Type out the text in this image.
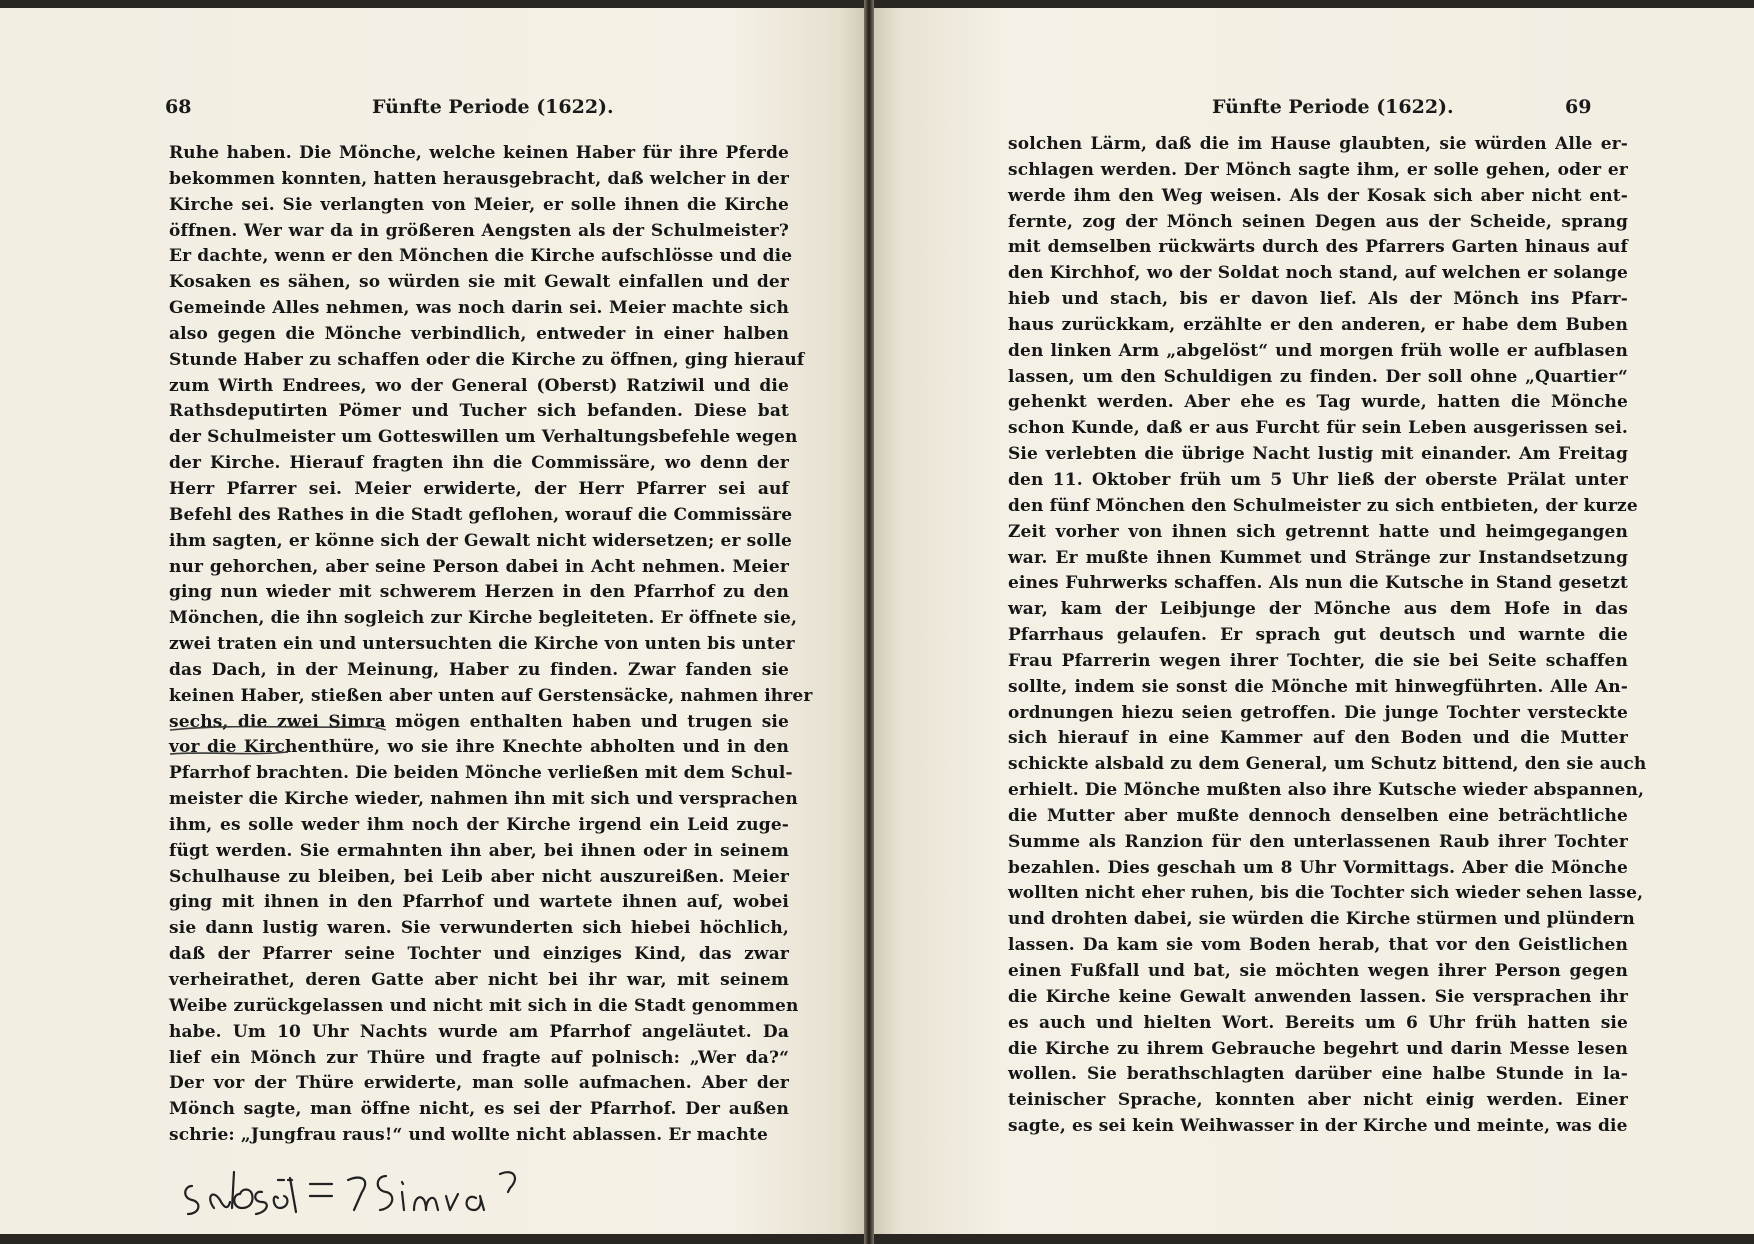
68	Fünfte Periode (1622).
Ruhe haben. Die Mönche, welche keinen Haber für ihre Pferde
bekommen konnten, hatten herausgebracht, daß welcher in der
Kirche sei. Sie verlangten von Meier, er solle ihnen die Kirche
öffnen. Wer war da in größeren Aengsten als der Schulmeister?
Er dachte, wenn er den Mönchen die Kirche aufschlösse und die
Kosaken es sähen, so würden sie mit Gewalt einfallen und der
Gemeinde Alles nehmen, was noch darin sei. Meier machte sich
also gegen die Mönche verbindlich, entweder in einer halben
Stunde Haber zu schaffen oder die Kirche zu öffnen, ging hierauf
zum Wirth Endrees, wo der General (Oberst) Ratziwil und die
Rathsdeputirten Pömer und Tucher sich befanden. Diese bat
der Schulmeister um Gotteswillen um Verhaltungsbefehle wegen
der Kirche. Hierauf fragten ihn die Commissäre, wo denn der
Herr Pfarrer sei. Meier erwiderte, der Herr Pfarrer sei auf
Befehl des Rathes in die Stadt geflohen, worauf die Commissäre
ihm sagten, er könne sich der Gewalt nicht widersetzen; er solle
nur gehorchen, aber seine Person dabei in Acht nehmen. Meier
ging nun wieder mit schwerem Herzen in den Pfarrhof zu den
Mönchen, die ihn sogleich zur Kirche begleiteten. Er öffnete sie,
zwei traten ein und untersuchten die Kirche von unten bis unter
das Dach, in der Meinung, Haber zu finden. Zwar fanden sie
keinen Haber, stießen aber unten auf Gerstensäcke, nahmen ihrer
sechs, die zwei Simra mögen enthalten haben und trugen sie
vor die Kirchenthüre, wo sie ihre Knechte abholten und in den
Pfarrhof brachten. Die beiden Mönche verließen mit dem Schul-
meister die Kirche wieder, nahmen ihn mit sich und versprachen
ihm, es solle weder ihm noch der Kirche irgend ein Leid zuge-
fügt werden. Sie ermahnten ihn aber, bei ihnen oder in seinem
Schulhause zu bleiben, bei Leib aber nicht auszureißen. Meier
ging mit ihnen in den Pfarrhof und wartete ihnen auf, wobei
sie dann lustig waren. Sie verwunderten sich hiebei höchlich,
daß der Pfarrer seine Tochter und einziges Kind, das zwar
verheirathet, deren Gatte aber nicht bei ihr war, mit seinem
Weibe zurückgelassen und nicht mit sich in die Stadt genommen
habe. Um 10 Uhr Nachts wurde am Pfarrhof angeläutet. Da
lief ein Mönch zur Thüre und fragte auf polnisch: „Wer da?“
Der vor der Thüre erwiderte, man solle aufmachen. Aber der
Mönch sagte, man öffne nicht, es sei der Pfarrhof. Der außen
schrie: „Jungfrau raus!“ und wollte nicht ablassen. Er machte
Fünfte Periode (1622).	69
solchen Lärm, daß die im Hause glaubten, sie würden Alle er-
schlagen werden. Der Mönch sagte ihm, er solle gehen, oder er
werde ihm den Weg weisen. Als der Kosak sich aber nicht ent-
fernte, zog der Mönch seinen Degen aus der Scheide, sprang
mit demselben rückwärts durch des Pfarrers Garten hinaus auf
den Kirchhof, wo der Soldat noch stand, auf welchen er solange
hieb und stach, bis er davon lief. Als der Mönch ins Pfarr-
haus zurückkam, erzählte er den anderen, er habe dem Buben
den linken Arm „abgelöst“ und morgen früh wolle er aufblasen
lassen, um den Schuldigen zu finden. Der soll ohne „Quartier“
gehenkt werden. Aber ehe es Tag wurde, hatten die Mönche
schon Kunde, daß er aus Furcht für sein Leben ausgerissen sei.
Sie verlebten die übrige Nacht lustig mit einander. Am Freitag
den 11. Oktober früh um 5 Uhr ließ der oberste Prälat unter
den fünf Mönchen den Schulmeister zu sich entbieten, der kurze
Zeit vorher von ihnen sich getrennt hatte und heimgegangen
war. Er mußte ihnen Kummet und Stränge zur Instandsetzung
eines Fuhrwerks schaffen. Als nun die Kutsche in Stand gesetzt
war, kam der Leibjunge der Mönche aus dem Hofe in das
Pfarrhaus gelaufen. Er sprach gut deutsch und warnte die
Frau Pfarrerin wegen ihrer Tochter, die sie bei Seite schaffen
sollte, indem sie sonst die Mönche mit hinwegführten. Alle An-
ordnungen hiezu seien getroffen. Die junge Tochter versteckte
sich hierauf in eine Kammer auf den Boden und die Mutter
schickte alsbald zu dem General, um Schutz bittend, den sie auch
erhielt. Die Mönche mußten also ihre Kutsche wieder abspannen,
die Mutter aber mußte dennoch denselben eine beträchtliche
Summe als Ranzion für den unterlassenen Raub ihrer Tochter
bezahlen. Dies geschah um 8 Uhr Vormittags. Aber die Mönche
wollten nicht eher ruhen, bis die Tochter sich wieder sehen lasse,
und drohten dabei, sie würden die Kirche stürmen und plündern
lassen. Da kam sie vom Boden herab, that vor den Geistlichen
einen Fußfall und bat, sie möchten wegen ihrer Person gegen
die Kirche keine Gewalt anwenden lassen. Sie versprachen ihr
es auch und hielten Wort. Bereits um 6 Uhr früh hatten sie
die Kirche zu ihrem Gebrauche begehrt und darin Messe lesen
wollen. Sie berathschlagten darüber eine halbe Stunde in la-
teinischer Sprache, konnten aber nicht einig werden. Einer
sagte, es sei kein Weihwasser in der Kirche und meinte, was die
